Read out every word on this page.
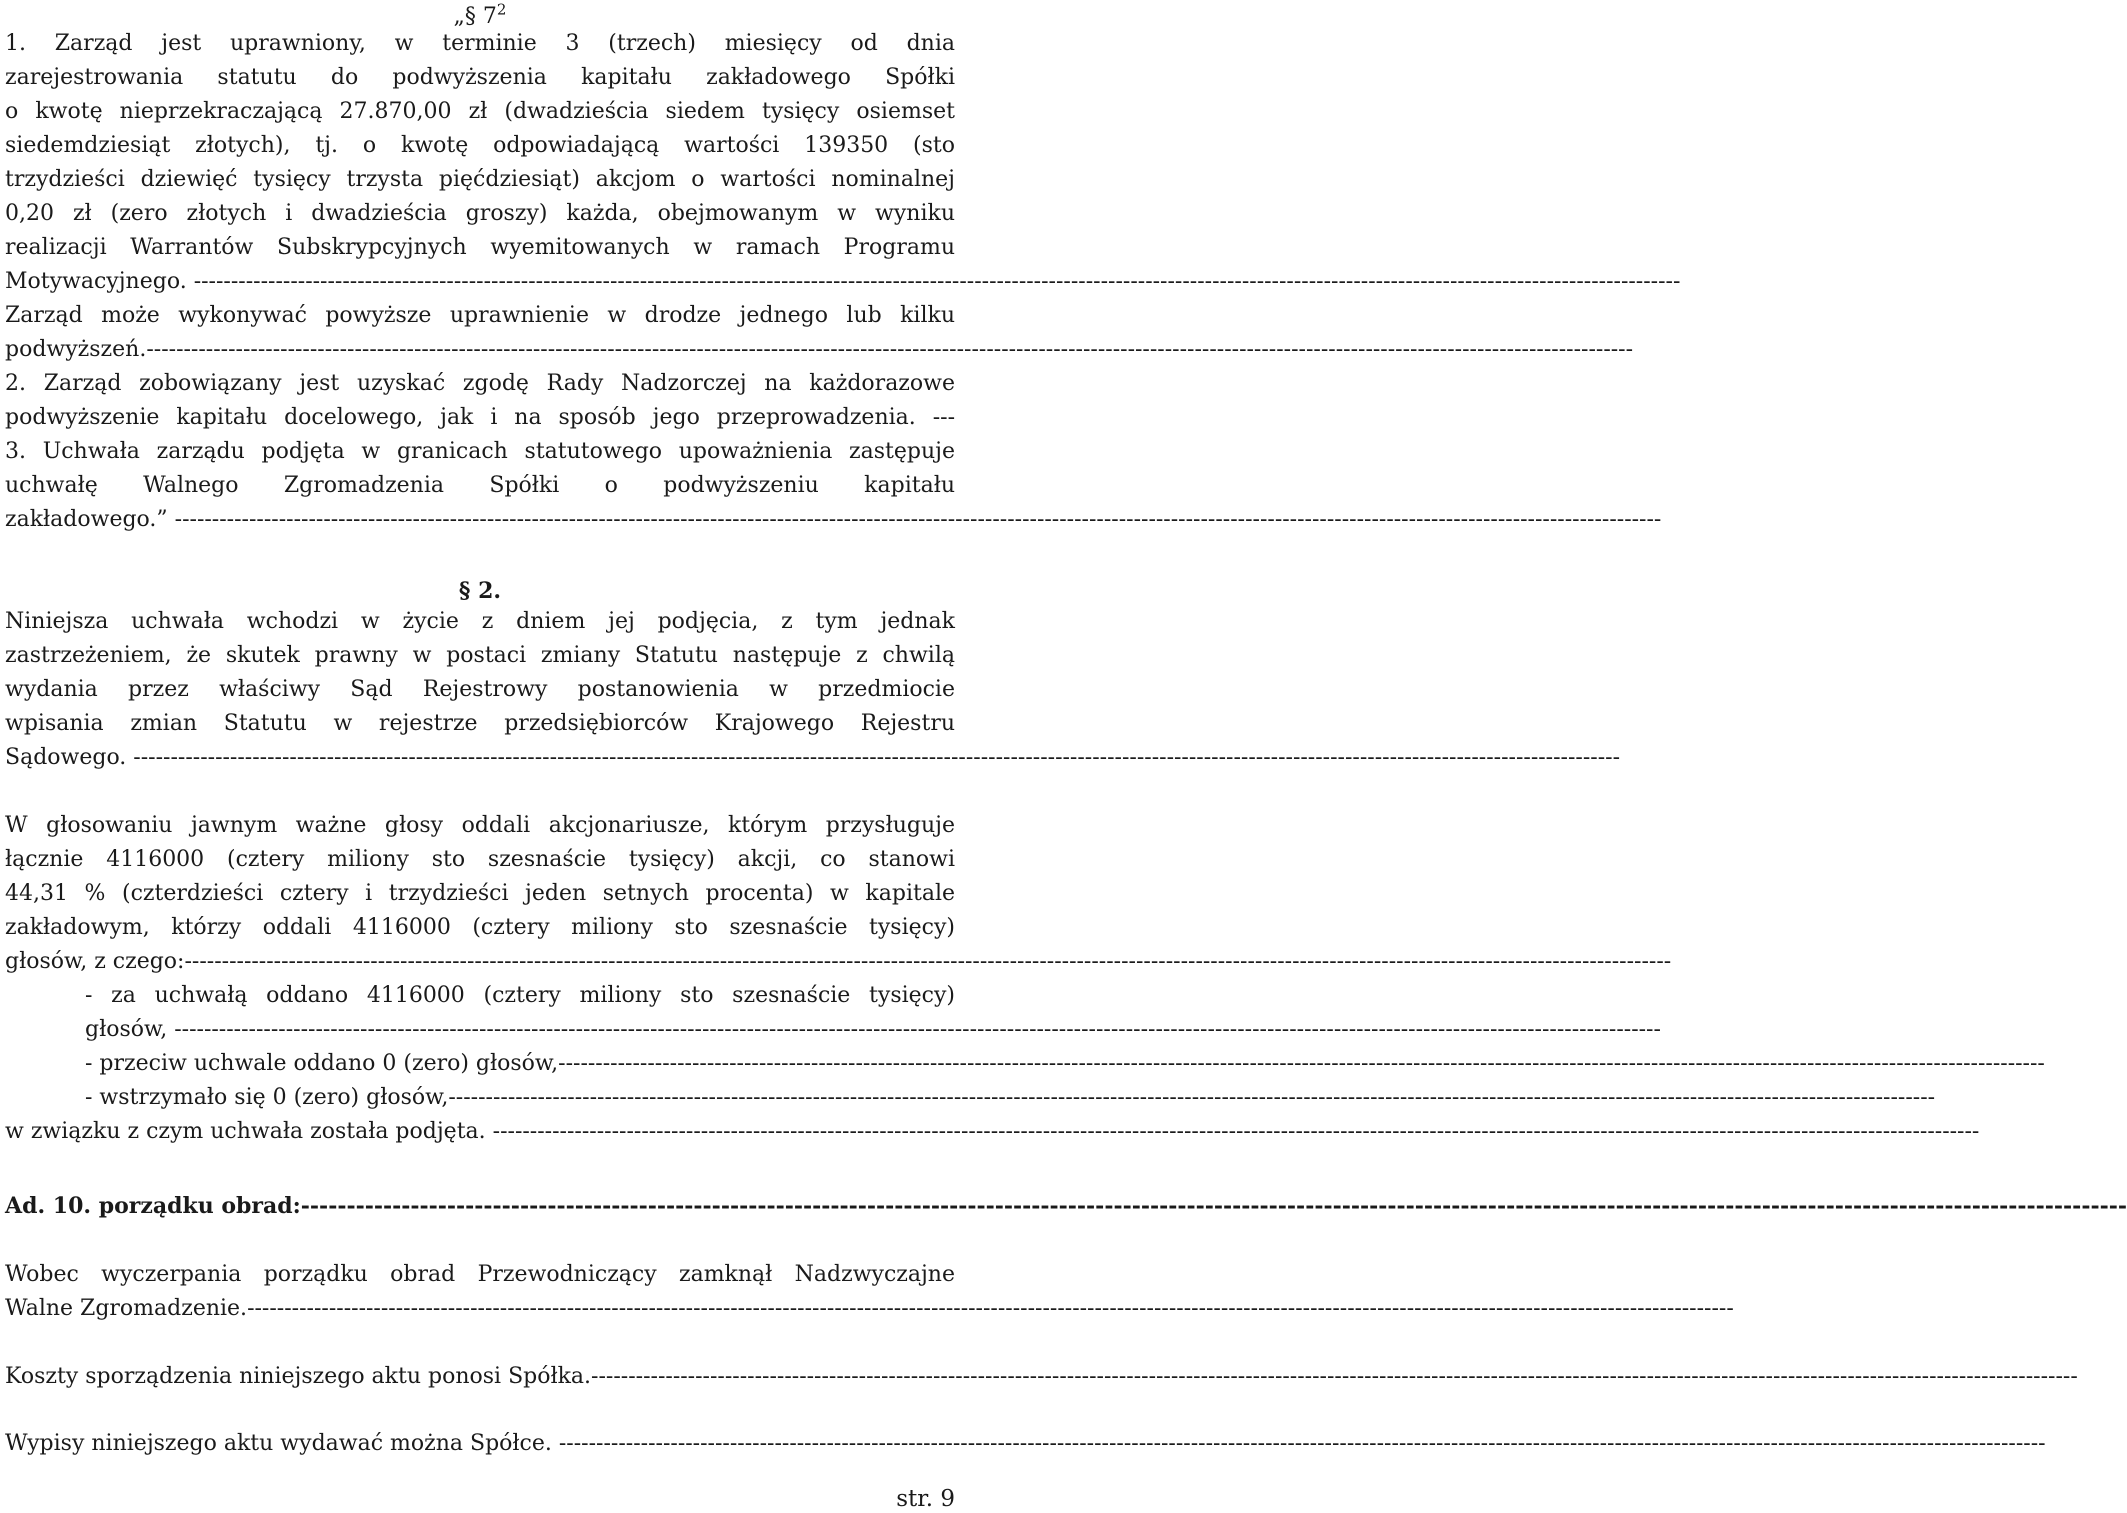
„§ $7^2$
1. Zarząd jest uprawniony, w terminie 3 (trzech) miesięcy od dnia
zarejestrowania statutu do podwyższenia kapitału zakładowego Spółki
o kwotę nieprzekraczającą 27.870,00 zł (dwadzieścia siedem tysięcy osiemset
siedemdziesiąt złotych), tj. o kwotę odpowiadającą wartości 139350 (sto
trzydzieści dziewięć tysięcy trzysta pięćdziesiąt) akcjom o wartości nominalnej
0,20 zł (zero złotych i dwadzieścia groszy) każda, obejmowanym w wyniku
realizacji Warrantów Subskrypcyjnych wyemitowanych w ramach Programu
Motywacyjnego. --------------------------------------------------------------------------------------------------------------------------------------------------------------------------------------------------------
Zarząd może wykonywać powyższe uprawnienie w drodze jednego lub kilku
podwyższeń. --------------------------------------------------------------------------------------------------------------------------------------------------------------------------------------------------------
2. Zarząd zobowiązany jest uzyskać zgodę Rady Nadzorczej na każdorazowe
podwyższenie kapitału docelowego, jak i na sposób jego przeprowadzenia. ---
3. Uchwała zarządu podjęta w granicach statutowego upoważnienia zastępuje
uchwałę Walnego Zgromadzenia Spółki o podwyższeniu kapitału
zakładowego.” --------------------------------------------------------------------------------------------------------------------------------------------------------------------------------------------------------
§ 2.
Niniejsza uchwała wchodzi w życie z dniem jej podjęcia, z tym jednak
zastrzeżeniem, że skutek prawny w postaci zmiany Statutu następuje z chwilą
wydania przez właściwy Sąd Rejestrowy postanowienia w przedmiocie
wpisania zmian Statutu w rejestrze przedsiębiorców Krajowego Rejestru
Sądowego. --------------------------------------------------------------------------------------------------------------------------------------------------------------------------------------------------------
W głosowaniu jawnym ważne głosy oddali akcjonariusze, którym przysługuje
łącznie 4116000 (cztery miliony sto szesnaście tysięcy) akcji, co stanowi
44,31 % (czterdzieści cztery i trzydzieści jeden setnych procenta) w kapitale
zakładowym, którzy oddali 4116000 (cztery miliony sto szesnaście tysięcy)
głosów, z czego: --------------------------------------------------------------------------------------------------------------------------------------------------------------------------------------------------------
- za uchwałą oddano 4116000 (cztery miliony sto szesnaście tysięcy)
głosów, --------------------------------------------------------------------------------------------------------------------------------------------------------------------------------------------------------
- przeciw uchwale oddano 0 (zero) głosów, --------------------------------------------------------------------------------------------------------------------------------------------------------------------------------------------------------
- wstrzymało się 0 (zero) głosów, --------------------------------------------------------------------------------------------------------------------------------------------------------------------------------------------------------
w związku z czym uchwała została podjęta. --------------------------------------------------------------------------------------------------------------------------------------------------------------------------------------------------------
Ad. 10. porządku obrad: --------------------------------------------------------------------------------------------------------------------------------------------------------------------------------------------------------
Wobec wyczerpania porządku obrad Przewodniczący zamknął Nadzwyczajne
Walne Zgromadzenie. --------------------------------------------------------------------------------------------------------------------------------------------------------------------------------------------------------
Koszty sporządzenia niniejszego aktu ponosi Spółka. --------------------------------------------------------------------------------------------------------------------------------------------------------------------------------------------------------
Wypisy niniejszego aktu wydawać można Spółce. --------------------------------------------------------------------------------------------------------------------------------------------------------------------------------------------------------
str. 9
